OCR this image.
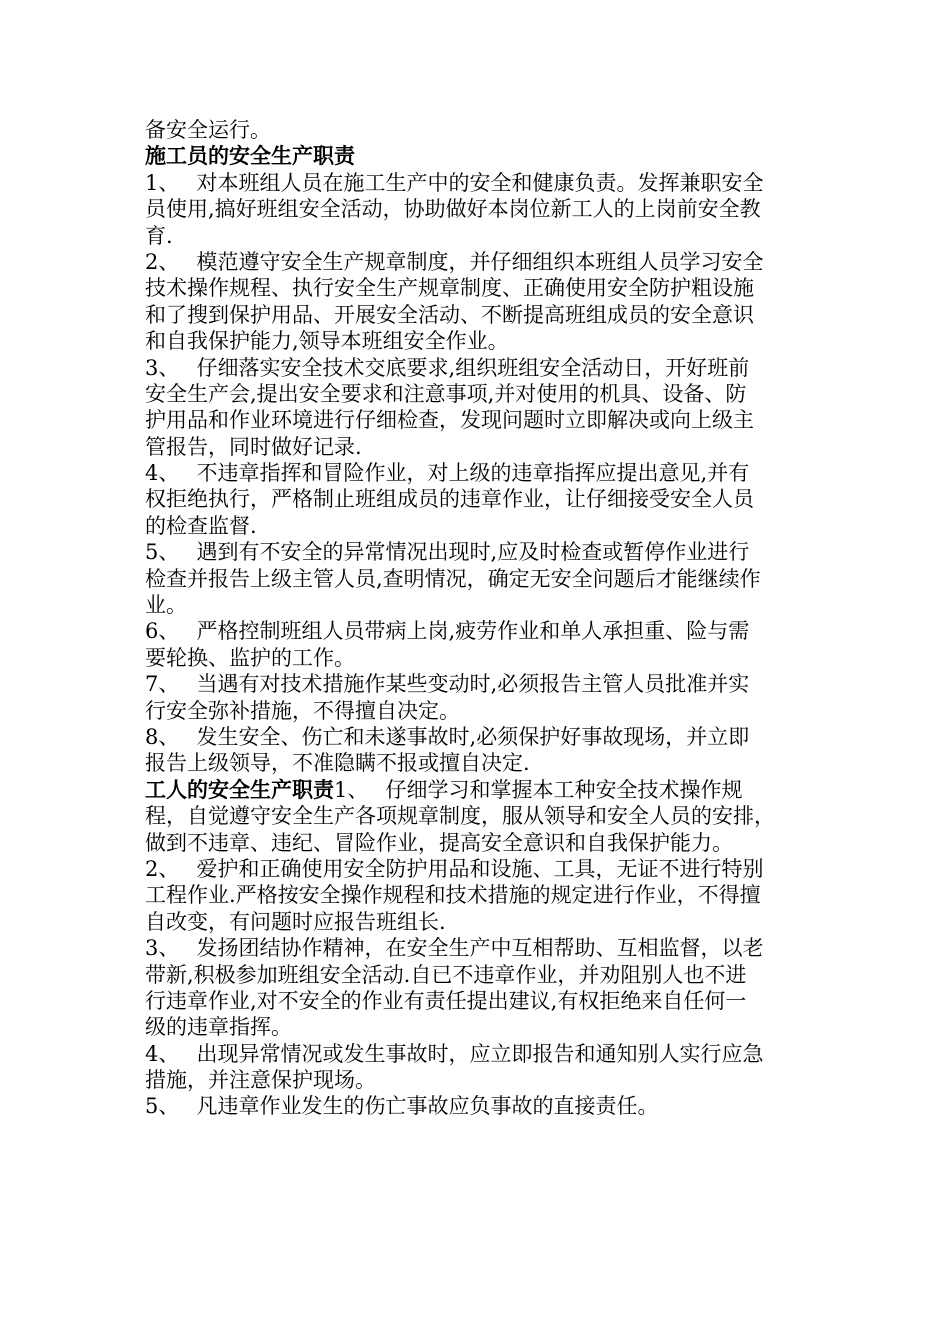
备安全运行。
施工员的安全生产职责
1、　 对本班组人员在施工生产中的安全和健康负责。发挥兼职安全
员使用,搞好班组安全活动，协助做好本岗位新工人的上岗前安全教
育.
2、　 模范遵守安全生产规章制度，并仔细组织本班组人员学习安全
技术操作规程、执行安全生产规章制度、正确使用安全防护粗设施
和了搜到保护用品、开展安全活动、不断提高班组成员的安全意识
和自我保护能力,领导本班组安全作业。
3、　 仔细落实安全技术交底要求,组织班组安全活动日，开好班前
安全生产会,提出安全要求和注意事项,并对使用的机具、设备、防
护用品和作业环境进行仔细检查，发现问题时立即解决或向上级主
管报告，同时做好记录.
4、　 不违章指挥和冒险作业，对上级的违章指挥应提出意见,并有
权拒绝执行，严格制止班组成员的违章作业，让仔细接受安全人员
的检查监督.
5、　 遇到有不安全的异常情况出现时,应及时检查或暂停作业进行
检查并报告上级主管人员,查明情况，确定无安全问题后才能继续作
业。
6、　 严格控制班组人员带病上岗,疲劳作业和单人承担重、险与需
要轮换、监护的工作。
7、　 当遇有对技术措施作某些变动时,必须报告主管人员批准并实
行安全弥补措施，不得擅自决定。
8、　 发生安全、伤亡和未遂事故时,必须保护好事故现场，并立即
报告上级领导，不准隐瞒不报或擅自决定.
工人的安全生产职责1、　 仔细学习和掌握本工种安全技术操作规
程，自觉遵守安全生产各项规章制度，服从领导和安全人员的安排，
做到不违章、违纪、冒险作业，提高安全意识和自我保护能力。
2、　 爱护和正确使用安全防护用品和设施、工具，无证不进行特别
工程作业.严格按安全操作规程和技术措施的规定进行作业，不得擅
自改变，有问题时应报告班组长.
3、　 发扬团结协作精神，在安全生产中互相帮助、互相监督，以老
带新,积极参加班组安全活动.自已不违章作业，并劝阻别人也不进
行违章作业,对不安全的作业有责任提出建议,有权拒绝来自任何一
级的违章指挥。
4、　 出现异常情况或发生事故时，应立即报告和通知别人实行应急
措施，并注意保护现场。
5、　 凡违章作业发生的伤亡事故应负事故的直接责任。
